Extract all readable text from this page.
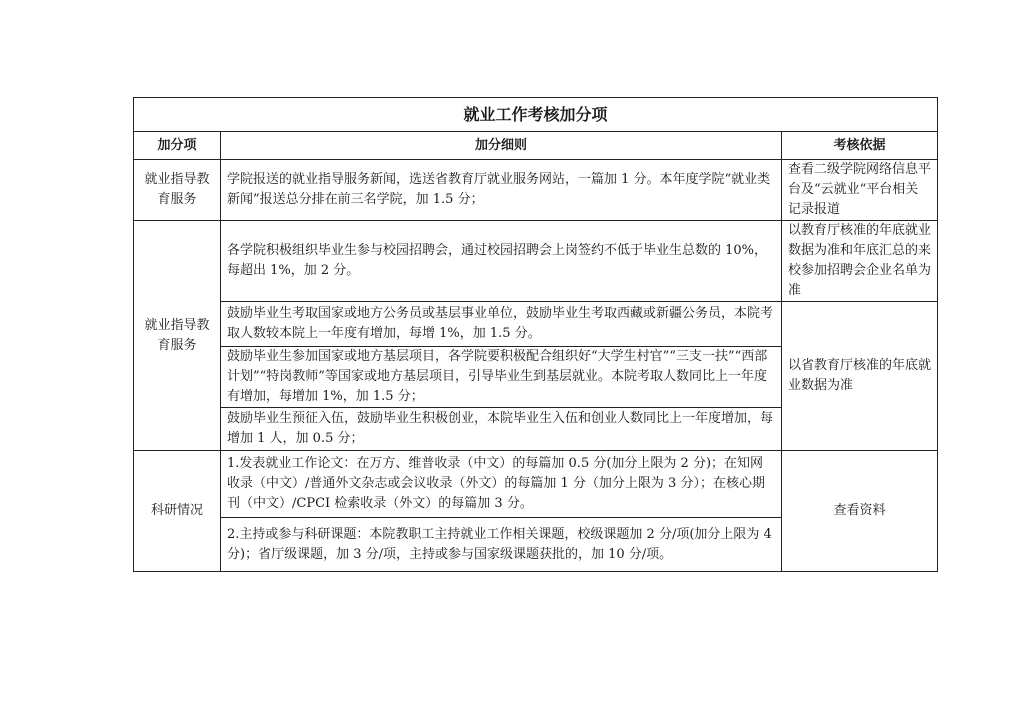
就业工作考核加分项		
加分项	加分细则	考核依据
就业指导教育服务	学院报送的就业指导服务新闻，选送省教育厅就业服务网站，一篇加 1 分。本年度学院“就业类新闻”报送总分排在前三名学院，加 1.5 分；	查看二级学院网络信息平台及“云就业“平台相关记录报道
就业指导教育服务	各学院积极组织毕业生参与校园招聘会，通过校园招聘会上岗签约不低于毕业生总数的 10%，每超出 1%，加 2 分。	以教育厅核准的年底就业数据为准和年底汇总的来校参加招聘会企业名单为准
	鼓励毕业生考取国家或地方公务员或基层事业单位，鼓励毕业生考取西藏或新疆公务员，本院考取人数较本院上一年度有增加，每增 1%，加 1.5 分。	以省教育厅核准的年底就业数据为准
	鼓励毕业生参加国家或地方基层项目，各学院要积极配合组织好“大学生村官”“三支一扶”“西部计划”“特岗教师”等国家或地方基层项目，引导毕业生到基层就业。本院考取人数同比上一年度有增加，每增加 1%，加 1.5 分；	
	鼓励毕业生预征入伍，鼓励毕业生积极创业，本院毕业生入伍和创业人数同比上一年度增加，每增加 1 人，加 0.5 分；	
科研情况	1.发表就业工作论文：在万方、维普收录（中文）的每篇加 0.5 分(加分上限为 2 分)；在知网收录（中文）/普通外文杂志或会议收录（外文）的每篇加 1 分（加分上限为 3 分）；在核心期刊（中文）/CPCI 检索收录（外文）的每篇加 3 分。	查看资料
	2.主持或参与科研课题：本院教职工主持就业工作相关课题，校级课题加 2 分/项(加分上限为 4 分)；省厅级课题，加 3 分/项，主持或参与国家级课题获批的，加 10 分/项。	
